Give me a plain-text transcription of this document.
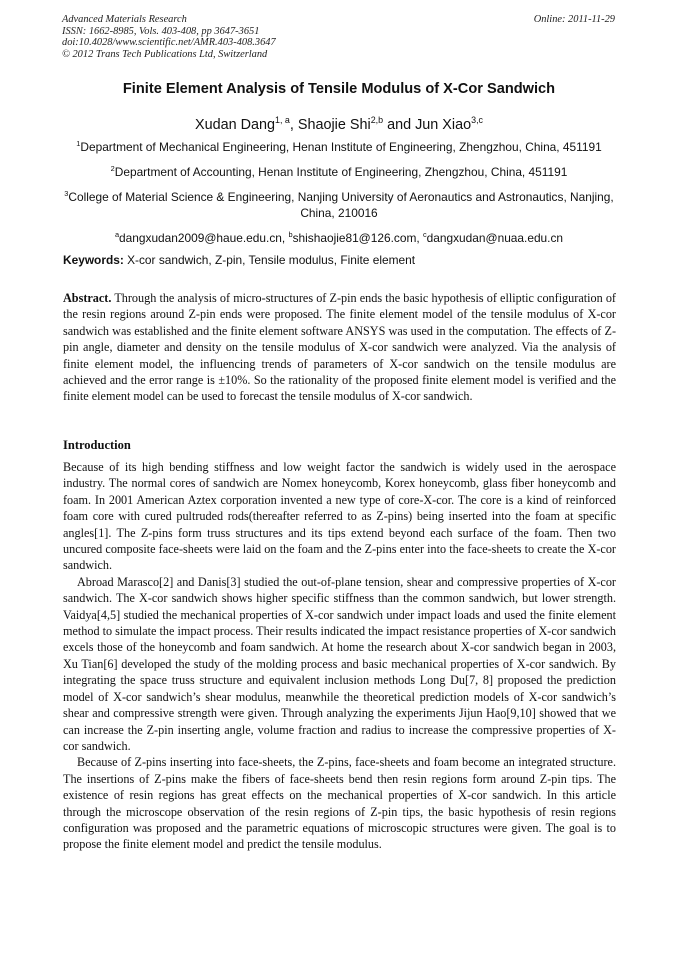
Advanced Materials Research
ISSN: 1662-8985, Vols. 403-408, pp 3647-3651
doi:10.4028/www.scientific.net/AMR.403-408.3647
© 2012 Trans Tech Publications Ltd, Switzerland
Online: 2011-11-29
Finite Element Analysis of Tensile Modulus of X-Cor Sandwich
Xudan Dang$^{1, a}$, Shaojie Shi$^{2,b}$ and Jun Xiao$^{3,c}$
$^1$Department of Mechanical Engineering, Henan Institute of Engineering, Zhengzhou, China, 451191
$^2$Department of Accounting, Henan Institute of Engineering, Zhengzhou, China, 451191
$^3$College of Material Science & Engineering, Nanjing University of Aeronautics and Astronautics, Nanjing, China, 210016
$^a$dangxudan2009@haue.edu.cn, $^b$shishaojie81@126.com, $^c$dangxudan@nuaa.edu.cn
Keywords: X-cor sandwich, Z-pin, Tensile modulus, Finite element

Abstract. Through the analysis of micro-structures of Z-pin ends the basic hypothesis of elliptic configuration of the resin regions around Z-pin ends were proposed. The finite element model of the tensile modulus of X-cor sandwich was established and the finite element software ANSYS was used in the computation. The effects of Z-pin angle, diameter and density on the tensile modulus of X-cor sandwich were analyzed. Via the analysis of finite element model, the influencing trends of parameters of X-cor sandwich on the tensile modulus are achieved and the error range is ±10%. So the rationality of the proposed finite element model is verified and the finite element model can be used to forecast the tensile modulus of X-cor sandwich.

Introduction

Because of its high bending stiffness and low weight factor the sandwich is widely used in the aerospace industry. The normal cores of sandwich are Nomex honeycomb, Korex honeycomb, glass fiber honeycomb and foam. In 2001 American Aztex corporation invented a new type of core-X-cor. The core is a kind of reinforced foam core with cured pultruded rods(thereafter referred to as Z-pins) being inserted into the foam at specific angles[1]. The Z-pins form truss structures and its tips extend beyond each surface of the foam. Then two uncured composite face-sheets were laid on the foam and the Z-pins enter into the face-sheets to create the X-cor sandwich.

Abroad Marasco[2] and Danis[3] studied the out-of-plane tension, shear and compressive properties of X-cor sandwich. The X-cor sandwich shows higher specific stiffness than the common sandwich, but lower strength. Vaidya[4,5] studied the mechanical properties of X-cor sandwich under impact loads and used the finite element method to simulate the impact process. Their results indicated the impact resistance properties of X-cor sandwich excels those of the honeycomb and foam sandwich. At home the research about X-cor sandwich began in 2003, Xu Tian[6] developed the study of the molding process and basic mechanical properties of X-cor sandwich. By integrating the space truss structure and equivalent inclusion methods Long Du[7, 8] proposed the prediction model of X-cor sandwich’s shear modulus, meanwhile the theoretical prediction models of X-cor sandwich’s shear and compressive strength were given. Through analyzing the experiments Jijun Hao[9,10] showed that we can increase the Z-pin inserting angle, volume fraction and radius to increase the compressive properties of X-cor sandwich.

Because of Z-pins inserting into face-sheets, the Z-pins, face-sheets and foam become an integrated structure. The insertions of Z-pins make the fibers of face-sheets bend then resin regions form around Z-pin tips. The existence of resin regions has great effects on the mechanical properties of X-cor sandwich. In this article through the microscope observation of the resin regions of Z-pin tips, the basic hypothesis of resin regions configuration was proposed and the parametric equations of microscopic structures were given. The goal is to propose the finite element model and predict the tensile modulus.
